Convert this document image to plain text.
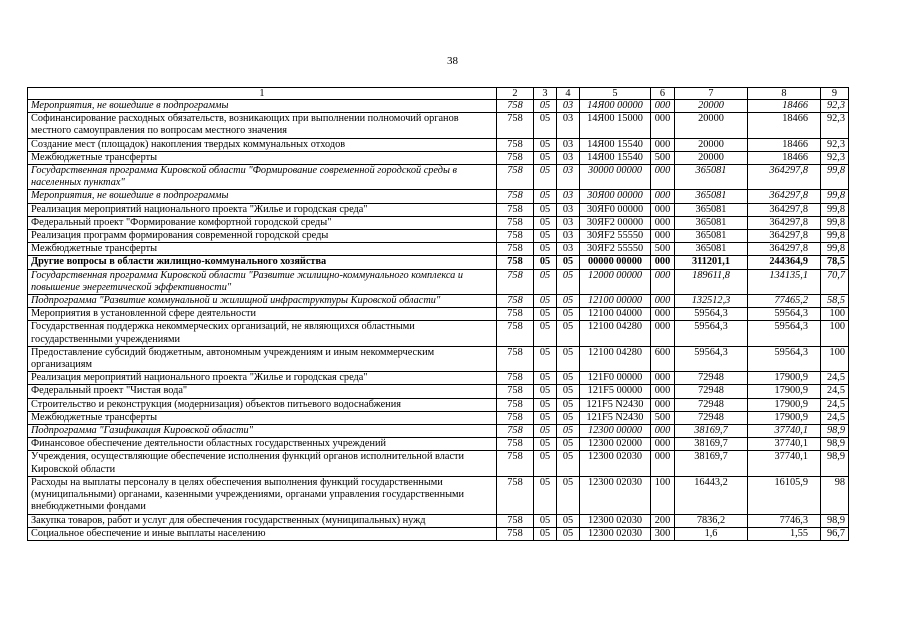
38
1	2	3	4	5	6	7	8	9
Мероприятия, не вошедшие в подпрограммы	758	05	03	14Я00 00000	000	20000	18466	92,3
Софинансирование расходных обязательств, возникающих при выполнении полномочий органов местного самоуправления по вопросам местного значения	758	05	03	14Я00 15000	000	20000	18466	92,3
Создание мест (площадок) накопления твердых коммунальных отходов	758	05	03	14Я00 15540	000	20000	18466	92,3
Межбюджетные трансферты	758	05	03	14Я00 15540	500	20000	18466	92,3
Государственная программа Кировской области "Формирование современной городской среды в населенных пунктах"	758	05	03	30000 00000	000	365081	364297,8	99,8
Мероприятия, не вошедшие в подпрограммы	758	05	03	30Я00 00000	000	365081	364297,8	99,8
Реализация мероприятий национального проекта "Жилье и городская среда"	758	05	03	30ЯF0 00000	000	365081	364297,8	99,8
Федеральный проект "Формирование комфортной городской среды"	758	05	03	30ЯF2 00000	000	365081	364297,8	99,8
Реализация программ формирования современной городской среды	758	05	03	30ЯF2 55550	000	365081	364297,8	99,8
Межбюджетные трансферты	758	05	03	30ЯF2 55550	500	365081	364297,8	99,8
Другие вопросы в области жилищно-коммунального хозяйства	758	05	05	00000 00000	000	311201,1	244364,9	78,5
Государственная программа Кировской области "Развитие жилищно-коммунального комплекса и повышение энергетической эффективности"	758	05	05	12000 00000	000	189611,8	134135,1	70,7
Подпрограмма "Развитие коммунальной и жилищной инфраструктуры Кировской области"	758	05	05	12100 00000	000	132512,3	77465,2	58,5
Мероприятия в установленной сфере деятельности	758	05	05	12100 04000	000	59564,3	59564,3	100
Государственная поддержка некоммерческих организаций, не являющихся областными государственными учреждениями	758	05	05	12100 04280	000	59564,3	59564,3	100
Предоставление субсидий бюджетным, автономным учреждениям и иным некоммерческим организациям	758	05	05	12100 04280	600	59564,3	59564,3	100
Реализация мероприятий национального проекта "Жилье и городская среда"	758	05	05	121F0 00000	000	72948	17900,9	24,5
Федеральный проект "Чистая вода"	758	05	05	121F5 00000	000	72948	17900,9	24,5
Строительство и реконструкция (модернизация) объектов питьевого водоснабжения	758	05	05	121F5 N2430	000	72948	17900,9	24,5
Межбюджетные трансферты	758	05	05	121F5 N2430	500	72948	17900,9	24,5
Подпрограмма "Газификация Кировской области"	758	05	05	12300 00000	000	38169,7	37740,1	98,9
Финансовое обеспечение деятельности областных государственных учреждений	758	05	05	12300 02000	000	38169,7	37740,1	98,9
Учреждения, осуществляющие обеспечение исполнения функций органов исполнительной власти Кировской области	758	05	05	12300 02030	000	38169,7	37740,1	98,9
Расходы на выплаты персоналу в целях обеспечения выполнения функций государственными (муниципальными) органами, казенными учреждениями, органами управления государственными внебюджетными фондами	758	05	05	12300 02030	100	16443,2	16105,9	98
Закупка товаров, работ и услуг для обеспечения государственных (муниципальных) нужд	758	05	05	12300 02030	200	7836,2	7746,3	98,9
Социальное обеспечение и иные выплаты населению	758	05	05	12300 02030	300	1,6	1,55	96,7
